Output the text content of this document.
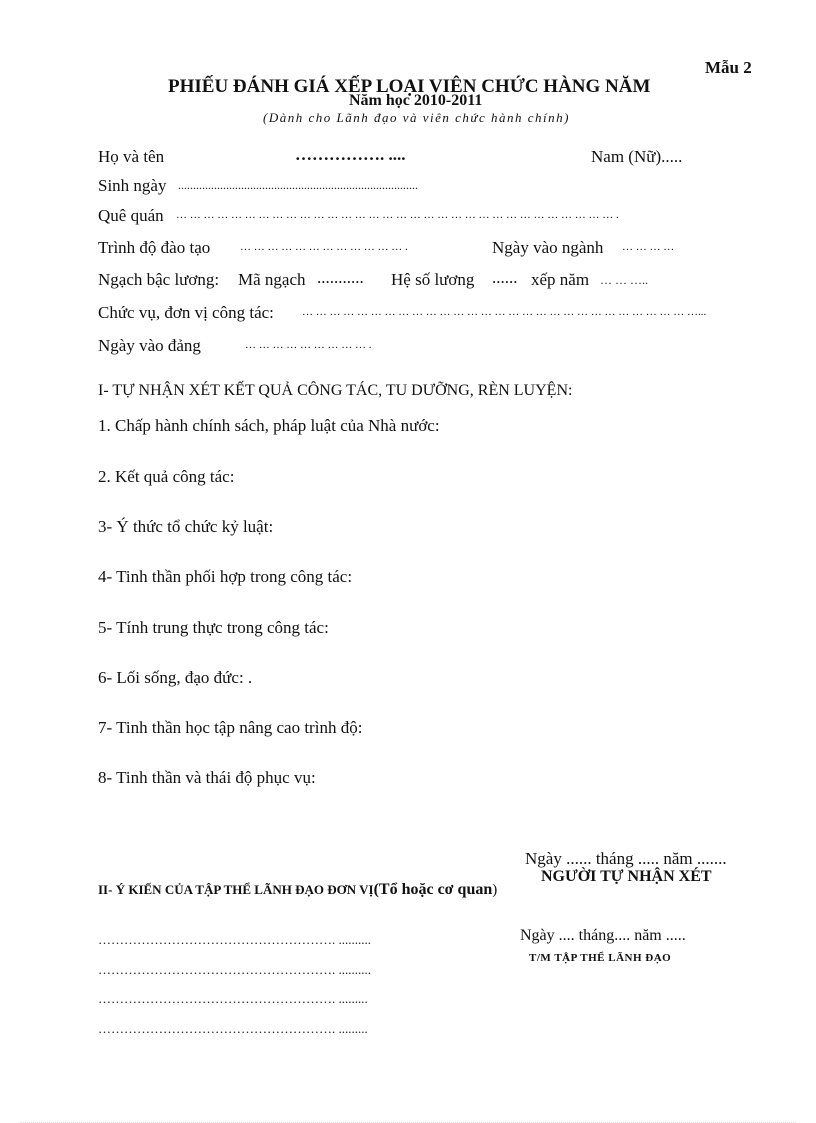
Mẫu 2
PHIẾU ĐÁNH GIÁ XẾP LOẠI VIÊN CHỨC HÀNG NĂM
Năm học 2010-2011
(Dành cho Lãnh đạo và viên chức hành chính)
Họ và tên	……………. ....	Nam (Nữ).....
Sinh ngày ................................................................................
Quê quán … … … … … … … … … … … … … … … … … … … … … … … … … … … … … … … … .
Trình độ đào tạo	… … … … … … … … … … … … .	Ngày vào ngành … … … …
Ngạch bậc lương: Mã ngạch ........... Hệ số lương ...... xếp năm … … …..
Chức vụ, đơn vị công tác:	… … … … … … … … … … … … … … … … … … … … … … … … … … … … …...
Ngày vào đảng	… … … … … … … … … .
I- TỰ NHẬN XÉT KẾT QUẢ CÔNG TÁC, TU DƯỠNG, RÈN LUYỆN:
1. Chấp hành chính sách, pháp luật của Nhà nước:
2. Kết quả công tác:
3- Ý thức tổ chức kỷ luật:
4- Tinh thần phối hợp trong công tác:
5- Tính trung thực trong công tác:
6- Lối sống, đạo đức: .
7- Tinh thần học tập nâng cao trình độ:
8- Tinh thần và thái độ phục vụ:
Ngày ...... tháng ..... năm .......
NGƯỜI TỰ NHẬN XÉT
II- Ý KIẾN CỦA TẬP THỂ LÃNH ĐẠO ĐƠN VỊ(Tổ hoặc cơ quan)
………………………………………………. ..........
………………………………………………. ..........
………………………………………………. .........
………………………………………………. .........
Ngày .... tháng.... năm .....
T/M TẬP THỂ LÃNH ĐẠO
